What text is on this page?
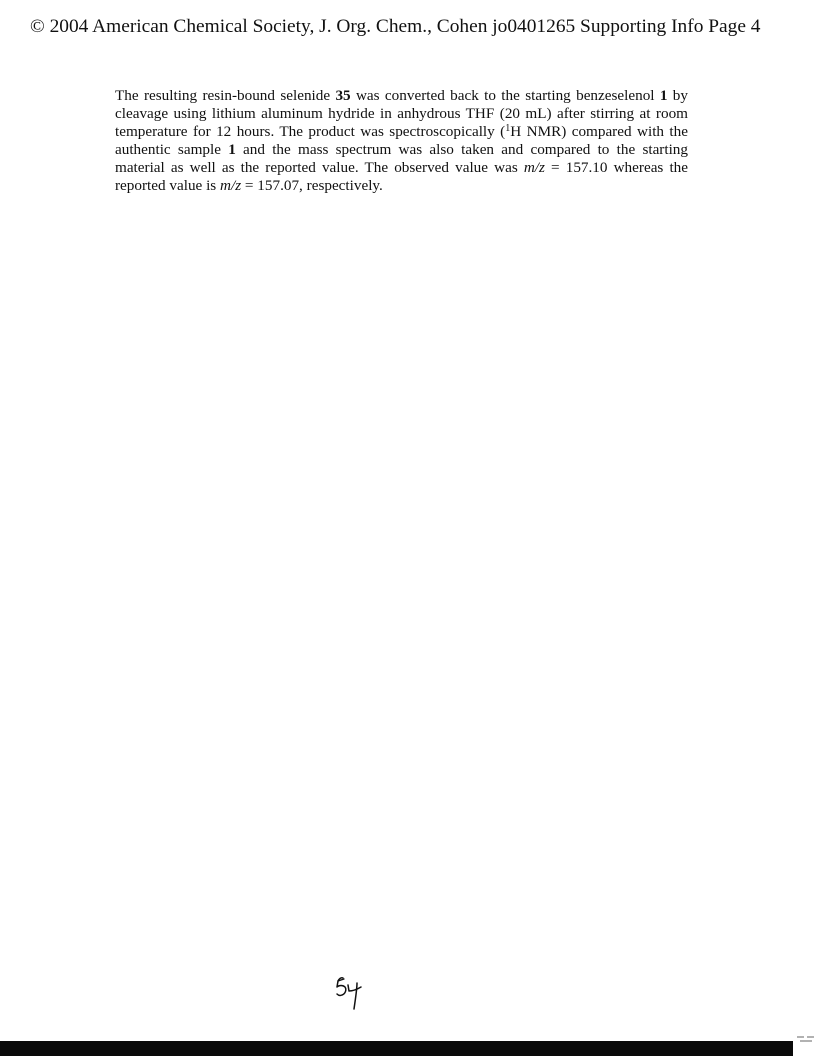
© 2004 American Chemical Society, J. Org. Chem., Cohen jo0401265 Supporting Info Page 4

The resulting resin-bound selenide 35 was converted back to the starting benzeselenol 1 by cleavage using lithium aluminum hydride in anhydrous THF (20 mL) after stirring at room temperature for 12 hours. The product was spectroscopically ($^1$H NMR) compared with the authentic sample 1 and the mass spectrum was also taken and compared to the starting material as well as the reported value. The observed value was m/z = 157.10 whereas the reported value is m/z = 157.07, respectively.
